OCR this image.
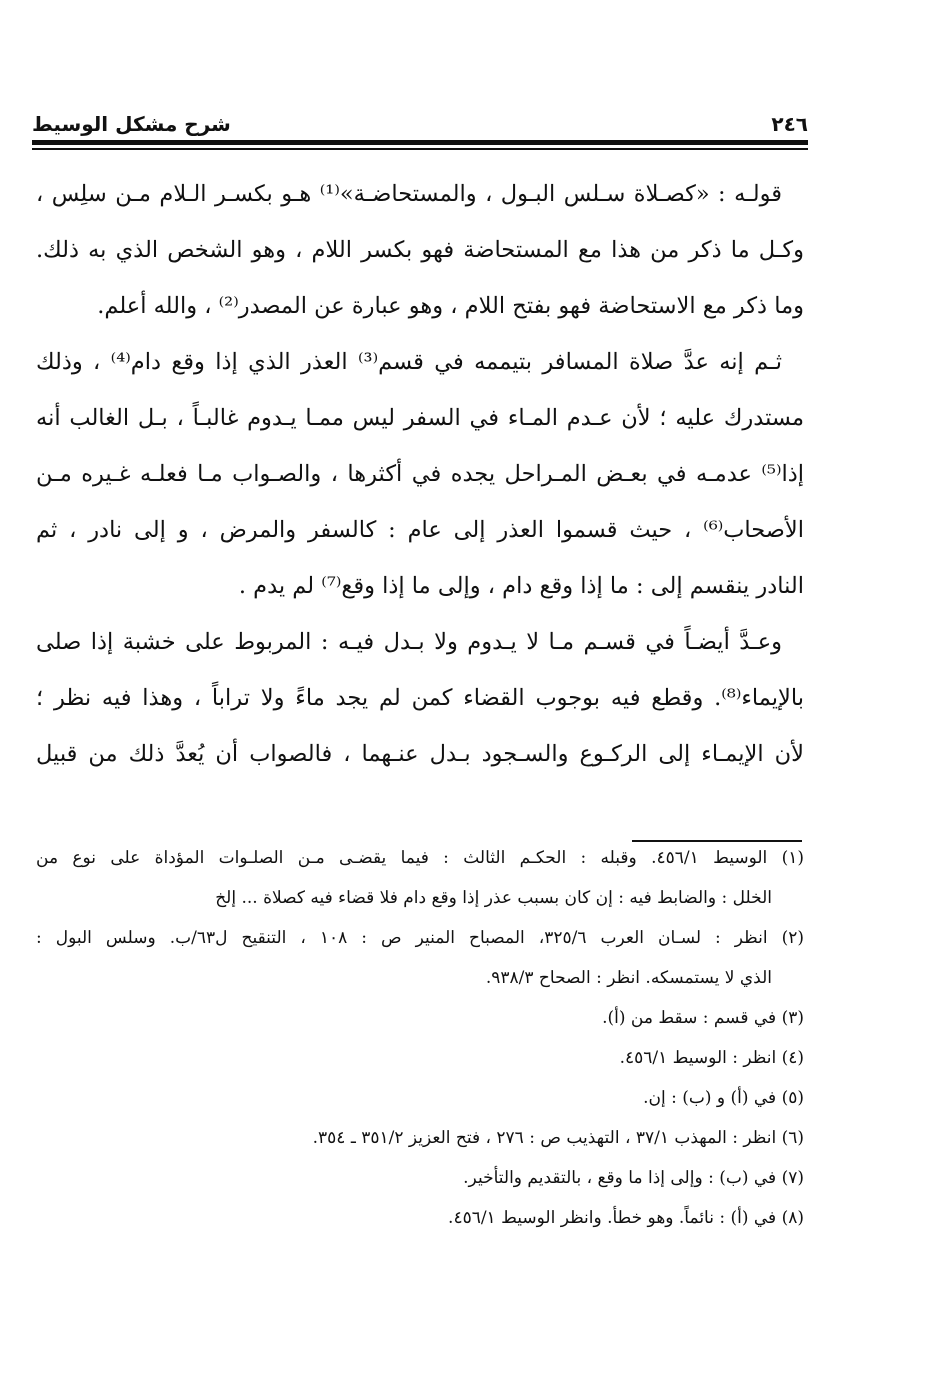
٢٤٦
شرح مشكل الوسيط
قولـه : «كصـلاة سـلس البـول ، والمستحاضـة»⁽¹⁾ هـو بكسـر الـلام مـن سلِس ،
وكـل ما ذكر من هذا مع المستحاضة فهو بكسر اللام ، وهو الشخص الذي به ذلك.
وما ذكر مع الاستحاضة فهو بفتح اللام ، وهو عبارة عن المصدر⁽²⁾ ، والله أعلم.
ثـم إنه عدَّ صلاة المسافر بتيممه في قسم⁽³⁾ العذر الذي إذا وقع دام⁽⁴⁾ ، وذلك
مستدرك عليه ؛ لأن عـدم المـاء في السفر ليس ممـا يـدوم غالبـاً ، بـل الغالب أنه
إذا⁽⁵⁾ عدمـه في بعـض المـراحل يجده في أكثرها ، والصـواب مـا فعلـه غـيره مـن
الأصحاب⁽⁶⁾ ، حيث قسموا العذر إلى عام : كالسفر والمرض ، و إلى نادر ، ثم
النادر ينقسم إلى : ما إذا وقع دام ، وإلى ما إذا وقع⁽⁷⁾ لم يدم .
وعـدَّ أيضـاً في قسـم مـا لا يـدوم ولا بـدل فيـه : المربوط على خشبة إذا صلى
بالإيماء⁽⁸⁾. وقطع فيه بوجوب القضاء كمن لم يجد ماءً ولا تراباً ، وهذا فيه نظر ؛
لأن الإيمـاء إلى الركـوع والسـجود بـدل عنـهما ، فالصواب أن يُعدَّ ذلك من قبيل
(١) الوسيط ٤٥٦/١. وقبله : الحكـم الثالث : فيما يقضـى مـن الصلـوات المؤداة على نوع من
الخلل : والضابط فيه : إن كان بسبب عذر إذا وقع دام فلا قضاء فيه كصلاة ... إلخ
(٢) انظر : لسـان العرب ٣٢٥/٦، المصباح المنير ص : ١٠٨ ، التنقيح ل٦٣/ب. وسلس البول :
الذي لا يستمسكه. انظر : الصحاح ٩٣٨/٣.
(٣) في قسم : سقط من (أ).
(٤) انظر : الوسيط ٤٥٦/١.
(٥) في (أ) و (ب) : إن.
(٦) انظر : المهذب ٣٧/١ ، التهذيب ص : ٢٧٦ ، فتح العزيز ٣٥١/٢ ـ ٣٥٤.
(٧) في (ب) : وإلى إذا ما وقع ، بالتقديم والتأخير.
(٨) في (أ) : نائماً. وهو خطأ. وانظر الوسيط ٤٥٦/١.
